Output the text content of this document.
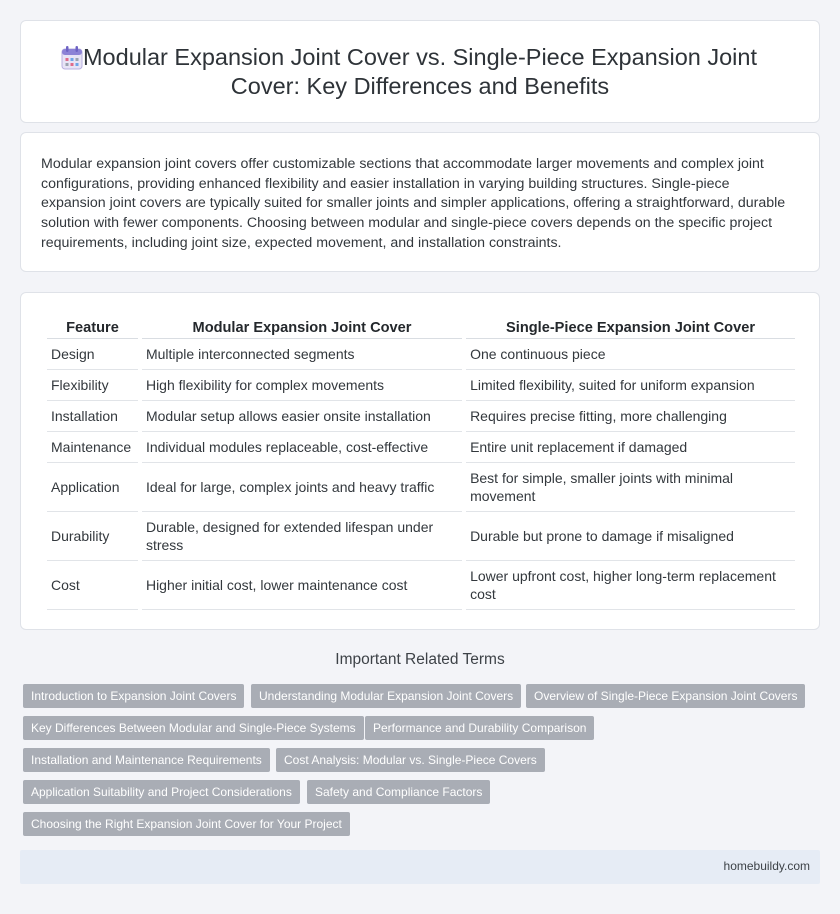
Modular Expansion Joint Cover vs. Single-Piece Expansion Joint Cover: Key Differences and Benefits

Modular expansion joint covers offer customizable sections that accommodate larger movements and complex joint configurations, providing enhanced flexibility and easier installation in varying building structures. Single-piece expansion joint covers are typically suited for smaller joints and simpler applications, offering a straightforward, durable solution with fewer components. Choosing between modular and single-piece covers depends on the specific project requirements, including joint size, expected movement, and installation constraints.

Feature	Modular Expansion Joint Cover	Single-Piece Expansion Joint Cover
Design	Multiple interconnected segments	One continuous piece
Flexibility	High flexibility for complex movements	Limited flexibility, suited for uniform expansion
Installation	Modular setup allows easier onsite installation	Requires precise fitting, more challenging
Maintenance	Individual modules replaceable, cost-effective	Entire unit replacement if damaged
Application	Ideal for large, complex joints and heavy traffic	Best for simple, smaller joints with minimal movement
Durability	Durable, designed for extended lifespan under stress	Durable but prone to damage if misaligned
Cost	Higher initial cost, lower maintenance cost	Lower upfront cost, higher long-term replacement cost
Important Related Terms
Introduction to Expansion Joint Covers	Understanding Modular Expansion Joint Covers	Overview of Single-Piece Expansion Joint Covers
Key Differences Between Modular and Single-Piece Systems	Performance and Durability Comparison
Installation and Maintenance Requirements	Cost Analysis: Modular vs. Single-Piece Covers
Application Suitability and Project Considerations	Safety and Compliance Factors
Choosing the Right Expansion Joint Cover for Your Project
homebuildy.com
